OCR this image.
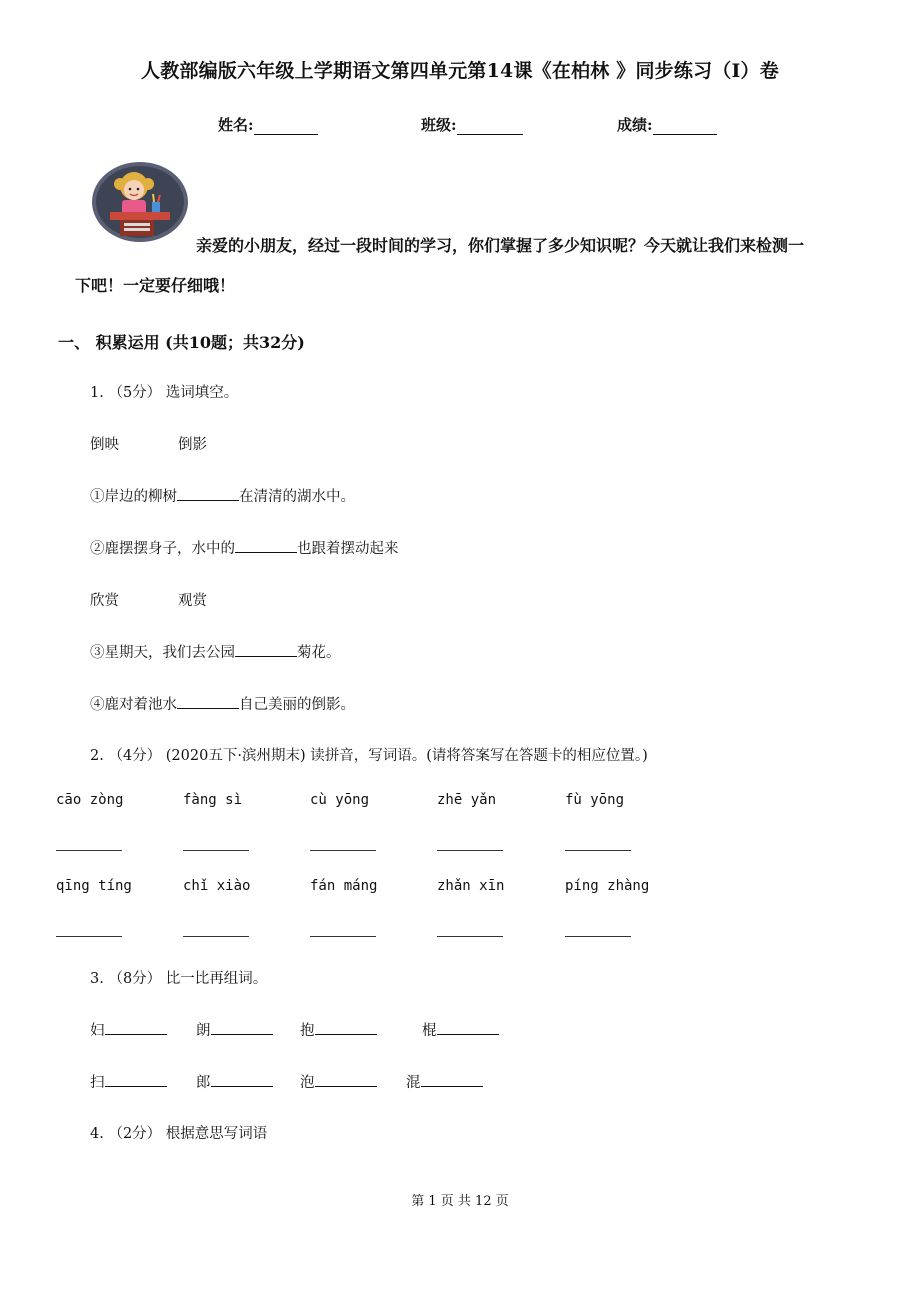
人教部编版六年级上学期语文第四单元第14课《在柏林 》同步练习（I）卷
姓名:	班级:	成绩:
亲爱的小朋友，经过一段时间的学习，你们掌握了多少知识呢？今天就让我们来检测一
下吧！一定要仔细哦！
一、 积累运用 (共10题；共32分)
1. （5分） 选词填空。
倒映	倒影
①岸边的柳树	在清清的湖水中。
②鹿摆摆身子，水中的	也跟着摆动起来
欣赏	观赏
③星期天，我们去公园	菊花。
④鹿对着池水	自己美丽的倒影。
2. （4分） (2020五下·滨州期末) 读拼音，写词语。(请将答案写在答题卡的相应位置。)
cāo zòng	fàng sì	cù yōng	zhē yǎn	fù yōng
qīng tíng	chǐ xiào	fán máng	zhǎn xīn	píng zhàng
3. （8分） 比一比再组词。
妇	朗	抱	棍
扫	郎	泡	混
4. （2分） 根据意思写词语
第 1 页 共 12 页
